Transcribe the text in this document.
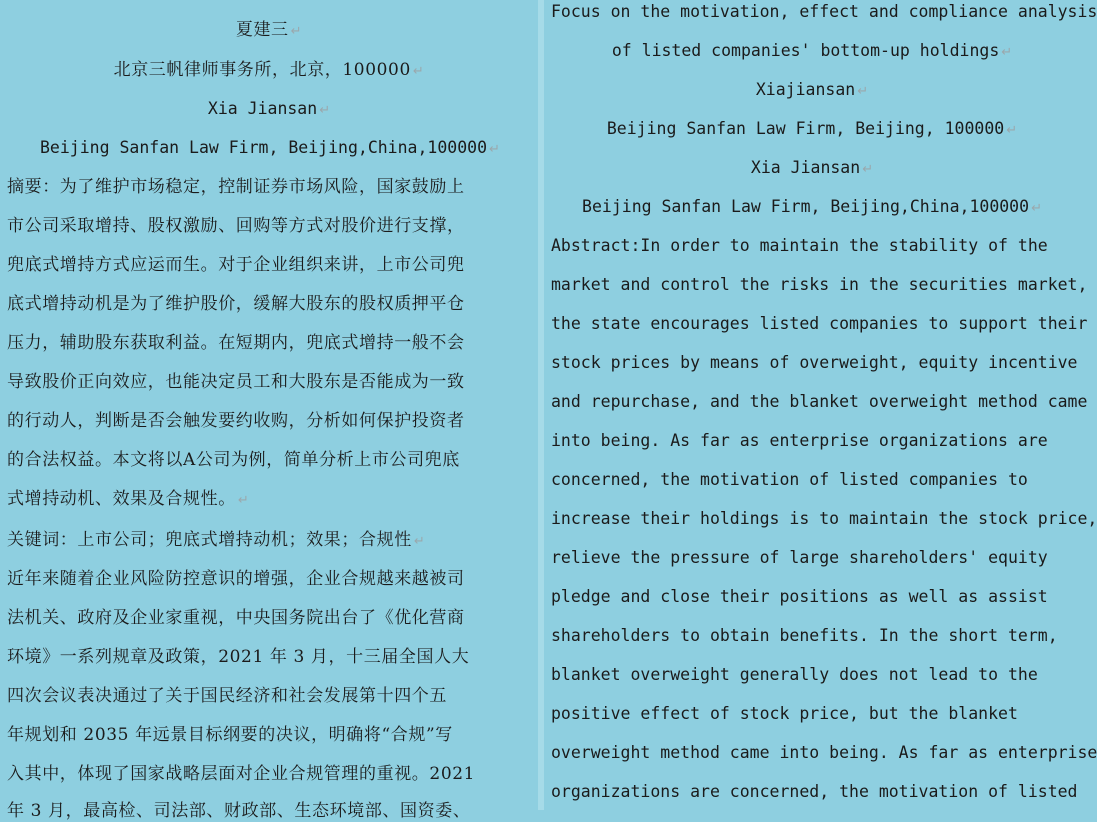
夏建三 ↵
北京三帆律师事务所，北京，100000 ↵
Xia Jiansan ↵
Beijing Sanfan Law Firm, Beijing,China,100000 ↵
摘要：为了维护市场稳定，控制证券市场风险，国家鼓励上
市公司采取增持、股权激励、回购等方式对股价进行支撑，
兜底式增持方式应运而生。对于企业组织来讲，上市公司兜
底式增持动机是为了维护股价，缓解大股东的股权质押平仓
压力，辅助股东获取利益。在短期内，兜底式增持一般不会
导致股价正向效应，也能决定员工和大股东是否能成为一致
的行动人，判断是否会触发要约收购，分析如何保护投资者
的合法权益。本文将以A公司为例，简单分析上市公司兜底
式增持动机、效果及合规性。 ↵
关键词：上市公司；兜底式增持动机；效果；合规性 ↵
近年来随着企业风险防控意识的增强，企业合规越来越被司
法机关、政府及企业家重视，中央国务院出台了《优化营商
环境》一系列规章及政策，2021 年 3 月，十三届全国人大
四次会议表决通过了关于国民经济和社会发展第十四个五
年规划和 2035 年远景目标纲要的决议，明确将“合规”写
入其中，体现了国家战略层面对企业合规管理的重视。2021
年 3 月，最高检、司法部、财政部、生态环境部、国资委、
Focus on the motivation, effect and compliance analysis
of listed companies' bottom-up holdings ↵
Xiajiansan ↵
Beijing Sanfan Law Firm, Beijing, 100000 ↵
Xia Jiansan ↵
Beijing Sanfan Law Firm, Beijing,China,100000 ↵
Abstract:In order to maintain the stability of the
market and control the risks in the securities market,
the state encourages listed companies to support their
stock prices by means of overweight, equity incentive
and repurchase, and the blanket overweight method came
into being. As far as enterprise organizations are
concerned, the motivation of listed companies to
increase their holdings is to maintain the stock price,
relieve the pressure of large shareholders' equity
pledge and close their positions as well as assist
shareholders to obtain benefits. In the short term,
blanket overweight generally does not lead to the
positive effect of stock price, but the blanket
overweight method came into being. As far as enterprise
organizations are concerned, the motivation of listed
